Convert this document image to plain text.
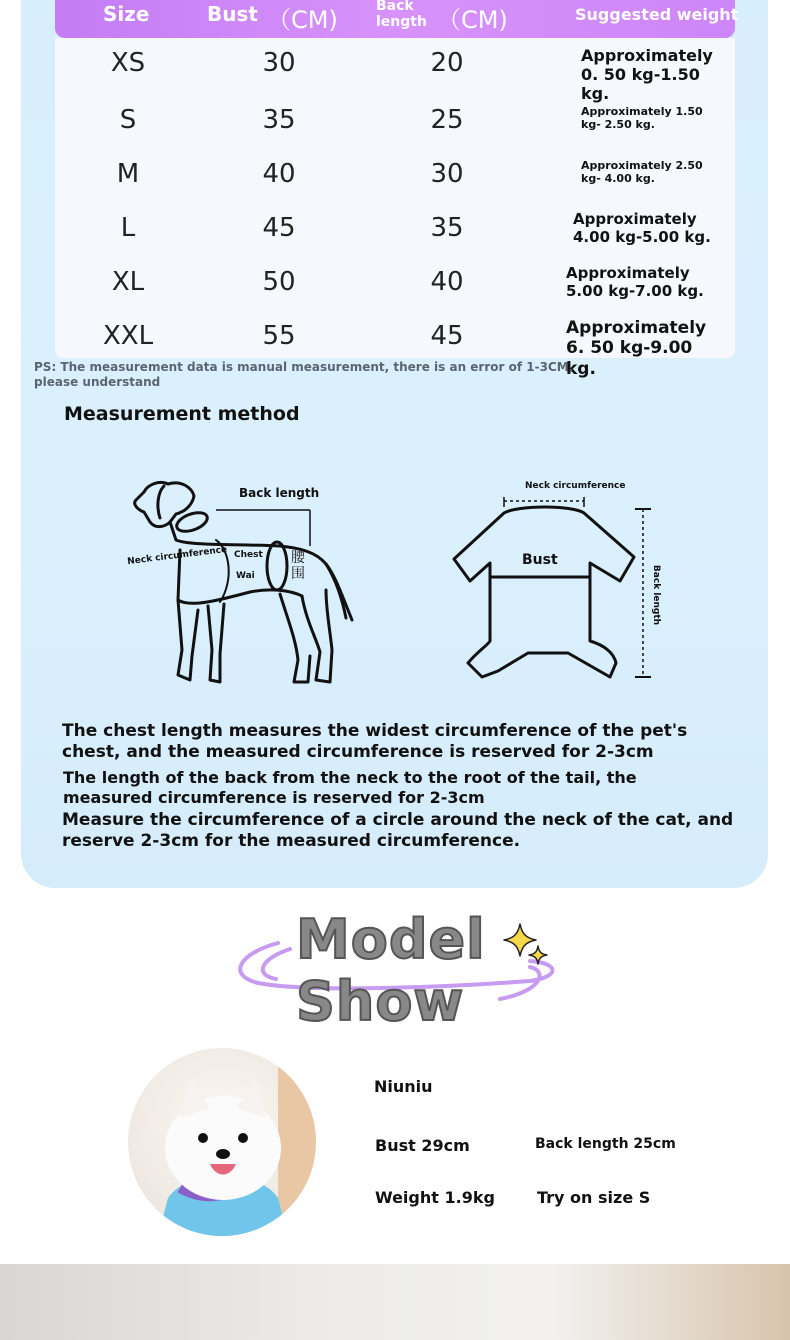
Size	Bust （CM)	Back length （CM)	Suggested weight
XS	30	20	Approximately 0. 50 kg-1.50 kg.
S	35	25	Approximately 1.50 kg- 2.50 kg.
M	40	30	Approximately 2.50 kg- 4.00 kg.
L	45	35	Approximately 4.00 kg-5.00 kg.
XL	50	40	Approximately 5.00 kg-7.00 kg.
XXL	55	45	Approximately 6. 50 kg-9.00 kg.
PS: The measurement data is manual measurement, there is an error of 1-3CM, please understand
Measurement method
Back length
Neck circumference Chest
Wai
腰围
Neck circumference
Bust
Back length
The chest length measures the widest circumference of the pet's chest, and the measured circumference is reserved for 2-3cm
The length of the back from the neck to the root of the tail, the measured circumference is reserved for 2-3cm
Measure the circumference of a circle around the neck of the cat, and reserve 2-3cm for the measured circumference.
Model
Show
Niuniu
Bust 29cm	Back length 25cm
Weight 1.9kg	Try on size S
